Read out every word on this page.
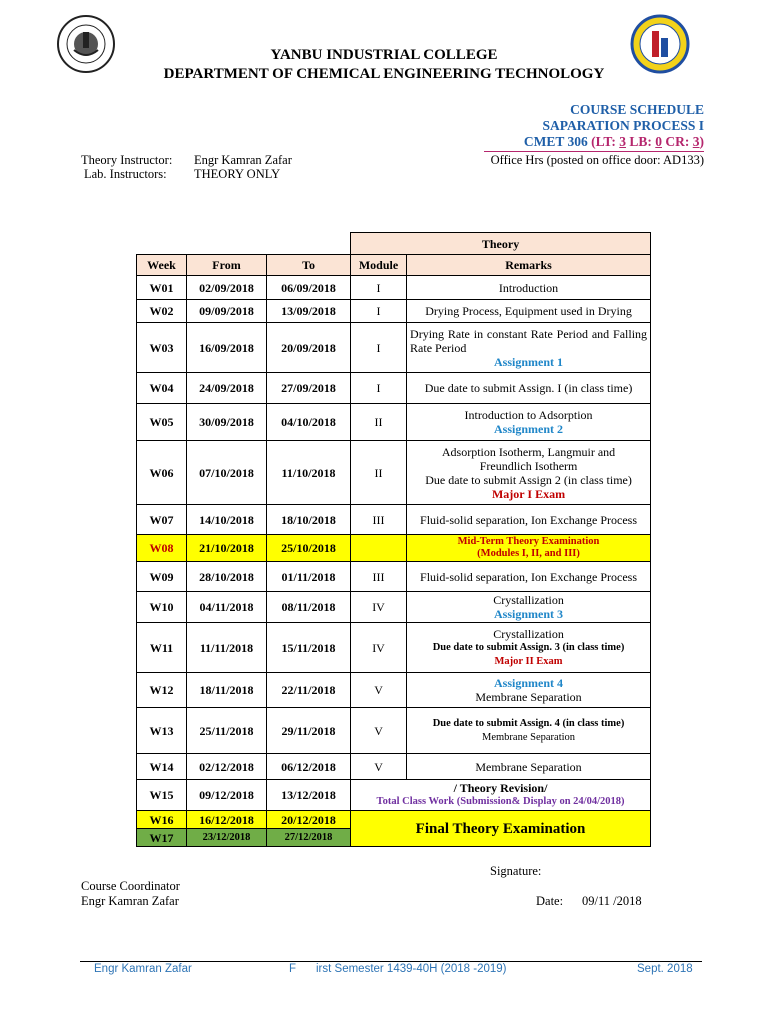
YANBU INDUSTRIAL COLLEGE
DEPARTMENT OF CHEMICAL ENGINEERING TECHNOLOGY
COURSE SCHEDULE
SAPARATION PROCESS I
CMET 306 (LT: 3 LB: 0 CR: 3)
Theory Instructor: Engr Kamran Zafar
Lab. Instructors: THEORY ONLY
Office Hrs (posted on office door: AD133)
			Theory	
Week	From	To	Module	Remarks
W01	02/09/2018	06/09/2018	I	Introduction
W02	09/09/2018	13/09/2018	I	Drying Process, Equipment used in Drying
W03	16/09/2018	20/09/2018	I	Drying Rate in constant Rate Period and Falling Rate Period
Assignment 1

W04	24/09/2018	27/09/2018	I	Due date to submit Assign. I (in class time)
W05	30/09/2018	04/10/2018	II	Introduction to Adsorption
Assignment 2

W06	07/10/2018	11/10/2018	II	Adsorption Isotherm, Langmuir and
Freundlich Isotherm
Due date to submit Assign 2 (in class time)
Major I Exam

W07	14/10/2018	18/10/2018	III	Fluid-solid separation, Ion Exchange Process
W08	21/10/2018	25/10/2018		Mid-Term Theory Examination
(Modules I, II, and III)

W09	28/10/2018	01/11/2018	III	Fluid-solid separation, Ion Exchange Process
W10	04/11/2018	08/11/2018	IV	Crystallization
Assignment 3

W11	11/11/2018	15/11/2018	IV	Crystallization
Due date to submit Assign. 3 (in class time)
Major II Exam

W12	18/11/2018	22/11/2018	V	Assignment 4
Membrane Separation

W13	25/11/2018	29/11/2018	V	Due date to submit Assign. 4 (in class time)
Membrane Separation

W14	02/12/2018	06/12/2018	V	Membrane Separation
W15	09/12/2018	13/12/2018	/ Theory Revision/
Total Class Work (Submission& Display on 24/04/2018)	

W16	16/12/2018	20/12/2018	Final Theory Examination	
W17	23/12/2018	27/12/2018		
Signature:
Course Coordinator
Engr Kamran Zafar	Date: 09/11 /2018
Engr Kamran Zafar	F irst Semester 1439-40H (2018 -2019)	Sept. 2018
